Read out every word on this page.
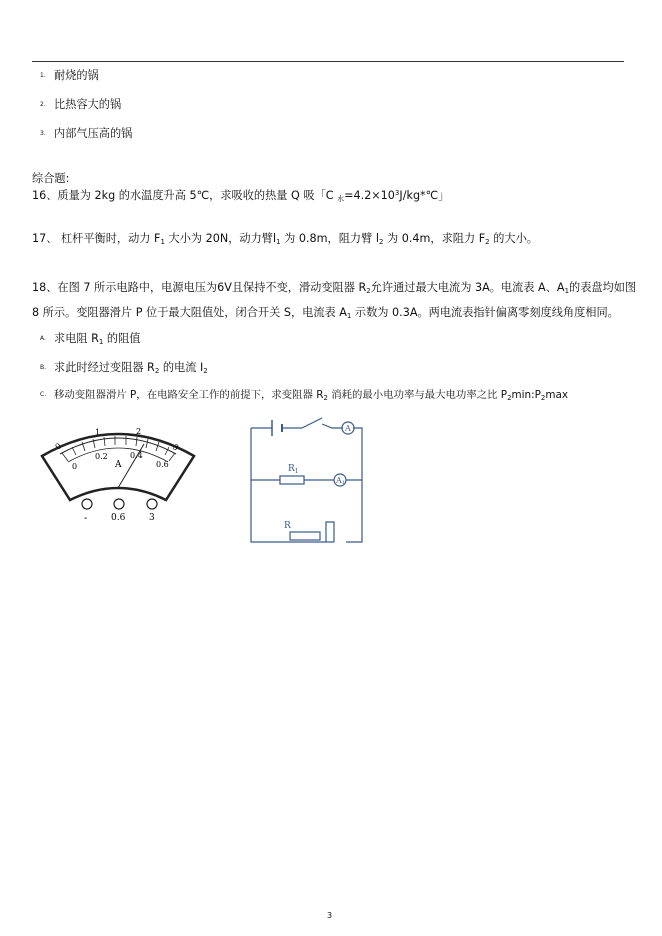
1. 耐烧的锅
2. 比热容大的锅
3. 内部气压高的锅
综合题:
16、质量为 2kg 的水温度升高 5℃，求吸收的热量 Q 吸「C $_水=4.2\times 10^3J/kg*℃$」
17、 杠杆平衡时，动力 $F_1$ 大小为 20N，动力臂$l_1$ 为 0.8m，阻力臂 $l_2$ 为 0.4m，求阻力 $F_2$ 的大小。
18、在图 7 所示电路中，电源电压为6V且保持不变，滑动变阻器 $R_2$允许通过最大电流为 3A。电流表 A、$A_1$的表盘均如图
8 所示。变阻器滑片 P 位于最大阻值处，闭合开关 S，电流表 $A_1$ 示数为 0.3A。两电流表指针偏离零刻度线角度相同。
A. 求电阻 $R_1$ 的阻值
B. 求此时经过变阻器 $R_2$ 的电流 $I_2$
C. 移动变阻器滑片 P，在电路安全工作的前提下，求变阻器 $R_2$ 消耗的最小电功率与最大电功率之比 $P_2\min:P_2\max$
0
1	2
3
0
0.2	0.4
0.6
A
-	0.6	3
A
A1
$R_1$
R
3
